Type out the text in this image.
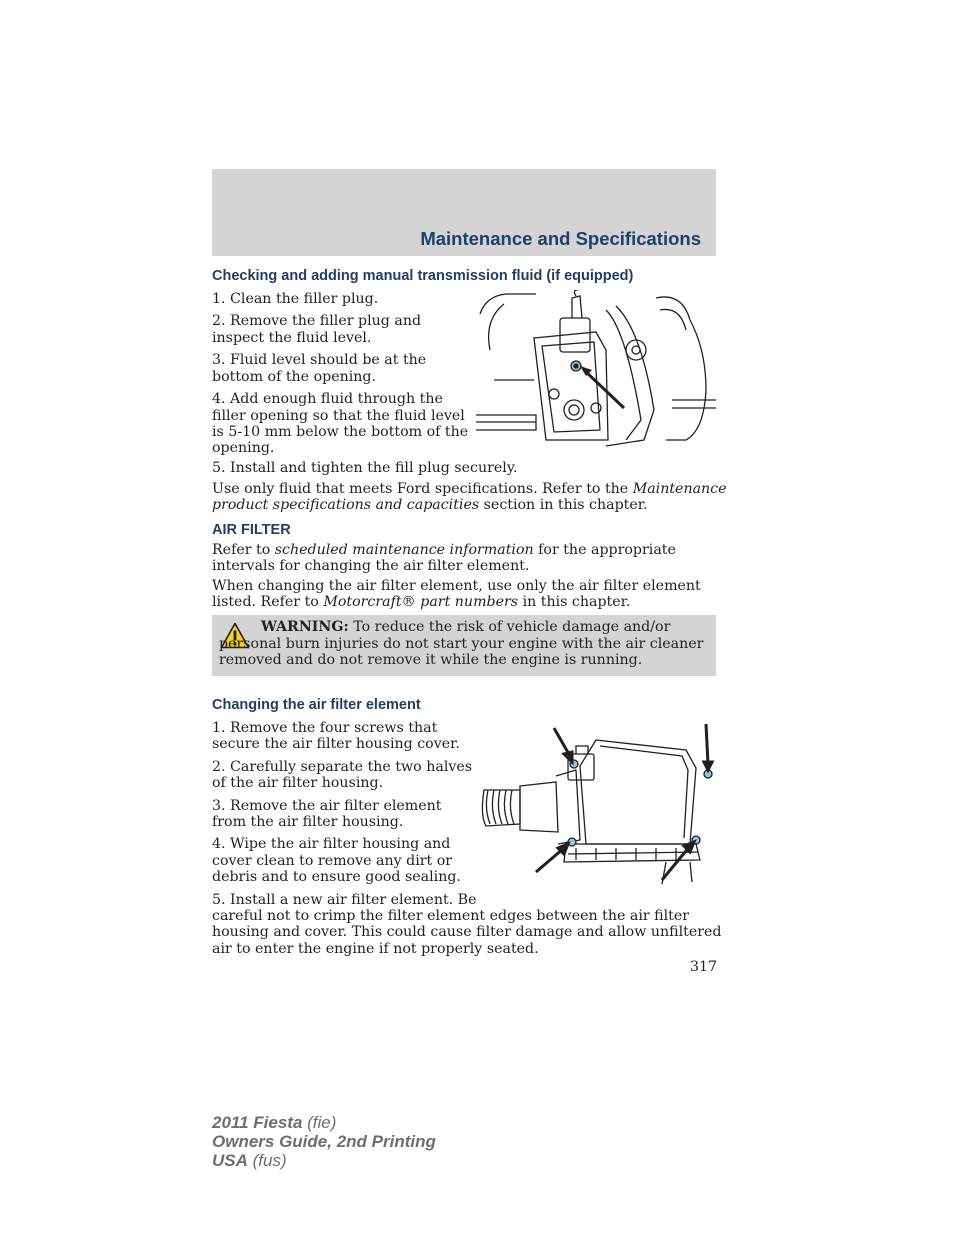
Maintenance and Specifications
Checking and adding manual transmission fluid (if equipped)
1. Clean the filler plug.
2. Remove the filler plug and
inspect the fluid level.
3. Fluid level should be at the
bottom of the opening.
4. Add enough fluid through the
filler opening so that the fluid level
is 5-10 mm below the bottom of the
opening.
5. Install and tighten the fill plug securely.
Use only fluid that meets Ford specifications. Refer to the Maintenance
product specifications and capacities section in this chapter.
AIR FILTER
Refer to scheduled maintenance information for the appropriate
intervals for changing the air filter element.
When changing the air filter element, use only the air filter element
listed. Refer to Motorcraft® part numbers in this chapter.
WARNING: To reduce the risk of vehicle damage and/or personal burn injuries do not start your engine with the air cleaner removed and do not remove it while the engine is running.
Changing the air filter element
1. Remove the four screws that
secure the air filter housing cover.
2. Carefully separate the two halves
of the air filter housing.
3. Remove the air filter element
from the air filter housing.
4. Wipe the air filter housing and
cover clean to remove any dirt or
debris and to ensure good sealing.
5. Install a new air filter element. Be
careful not to crimp the filter element edges between the air filter
housing and cover. This could cause filter damage and allow unfiltered
air to enter the engine if not properly seated.
317
2011 Fiesta (fie)
Owners Guide, 2nd Printing
USA (fus)
